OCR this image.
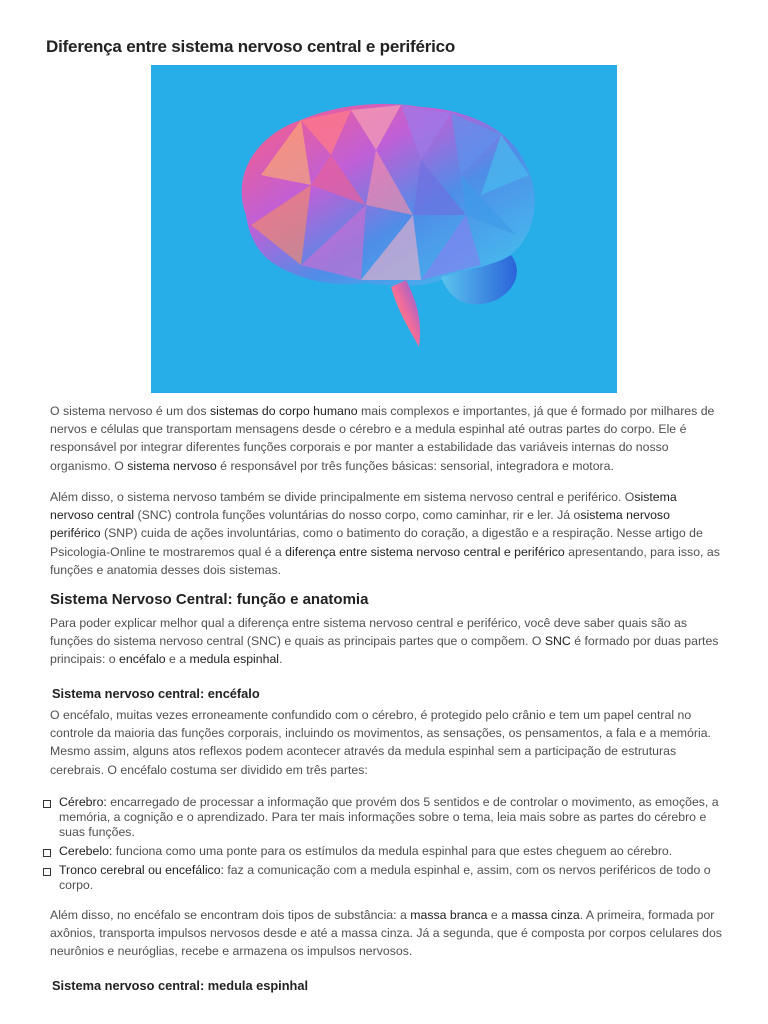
Diferença entre sistema nervoso central e periférico

O sistema nervoso é um dos sistemas do corpo humano mais complexos e importantes, já que é formado por milhares de nervos e células que transportam mensagens desde o cérebro e a medula espinhal até outras partes do corpo. Ele é responsável por integrar diferentes funções corporais e por manter a estabilidade das variáveis internas do nosso organismo. O sistema nervoso é responsável por três funções básicas: sensorial, integradora e motora.

Além disso, o sistema nervoso também se divide principalmente em sistema nervoso central e periférico. Osistema nervoso central (SNC) controla funções voluntárias do nosso corpo, como caminhar, rir e ler. Já osistema nervoso periférico (SNP) cuida de ações involuntárias, como o batimento do coração, a digestão e a respiração. Nesse artigo de Psicologia-Online te mostraremos qual é a diferença entre sistema nervoso central e periférico apresentando, para isso, as funções e anatomia desses dois sistemas.

Sistema Nervoso Central: função e anatomia

Para poder explicar melhor qual a diferença entre sistema nervoso central e periférico, você deve saber quais são as funções do sistema nervoso central (SNC) e quais as principais partes que o compõem. O SNC é formado por duas partes principais: o encéfalo e a medula espinhal.

Sistema nervoso central: encéfalo

O encéfalo, muitas vezes erroneamente confundido com o cérebro, é protegido pelo crânio e tem um papel central no controle da maioria das funções corporais, incluindo os movimentos, as sensações, os pensamentos, a fala e a memória. Mesmo assim, alguns atos reflexos podem acontecer através da medula espinhal sem a participação de estruturas cerebrais. O encéfalo costuma ser dividido em três partes:

Cérebro: encarregado de processar a informação que provém dos 5 sentidos e de controlar o movimento, as emoções, a memória, a cognição e o aprendizado. Para ter mais informações sobre o tema, leia mais sobre as partes do cérebro e suas funções.
Cerebelo: funciona como uma ponte para os estímulos da medula espinhal para que estes cheguem ao cérebro.
Tronco cerebral ou encefálico: faz a comunicação com a medula espinhal e, assim, com os nervos periféricos de todo o corpo.

Além disso, no encéfalo se encontram dois tipos de substância: a massa branca e a massa cinza. A primeira, formada por axônios, transporta impulsos nervosos desde e até a massa cinza. Já a segunda, que é composta por corpos celulares dos neurônios e neuróglias, recebe e armazena os impulsos nervosos.

Sistema nervoso central: medula espinhal
